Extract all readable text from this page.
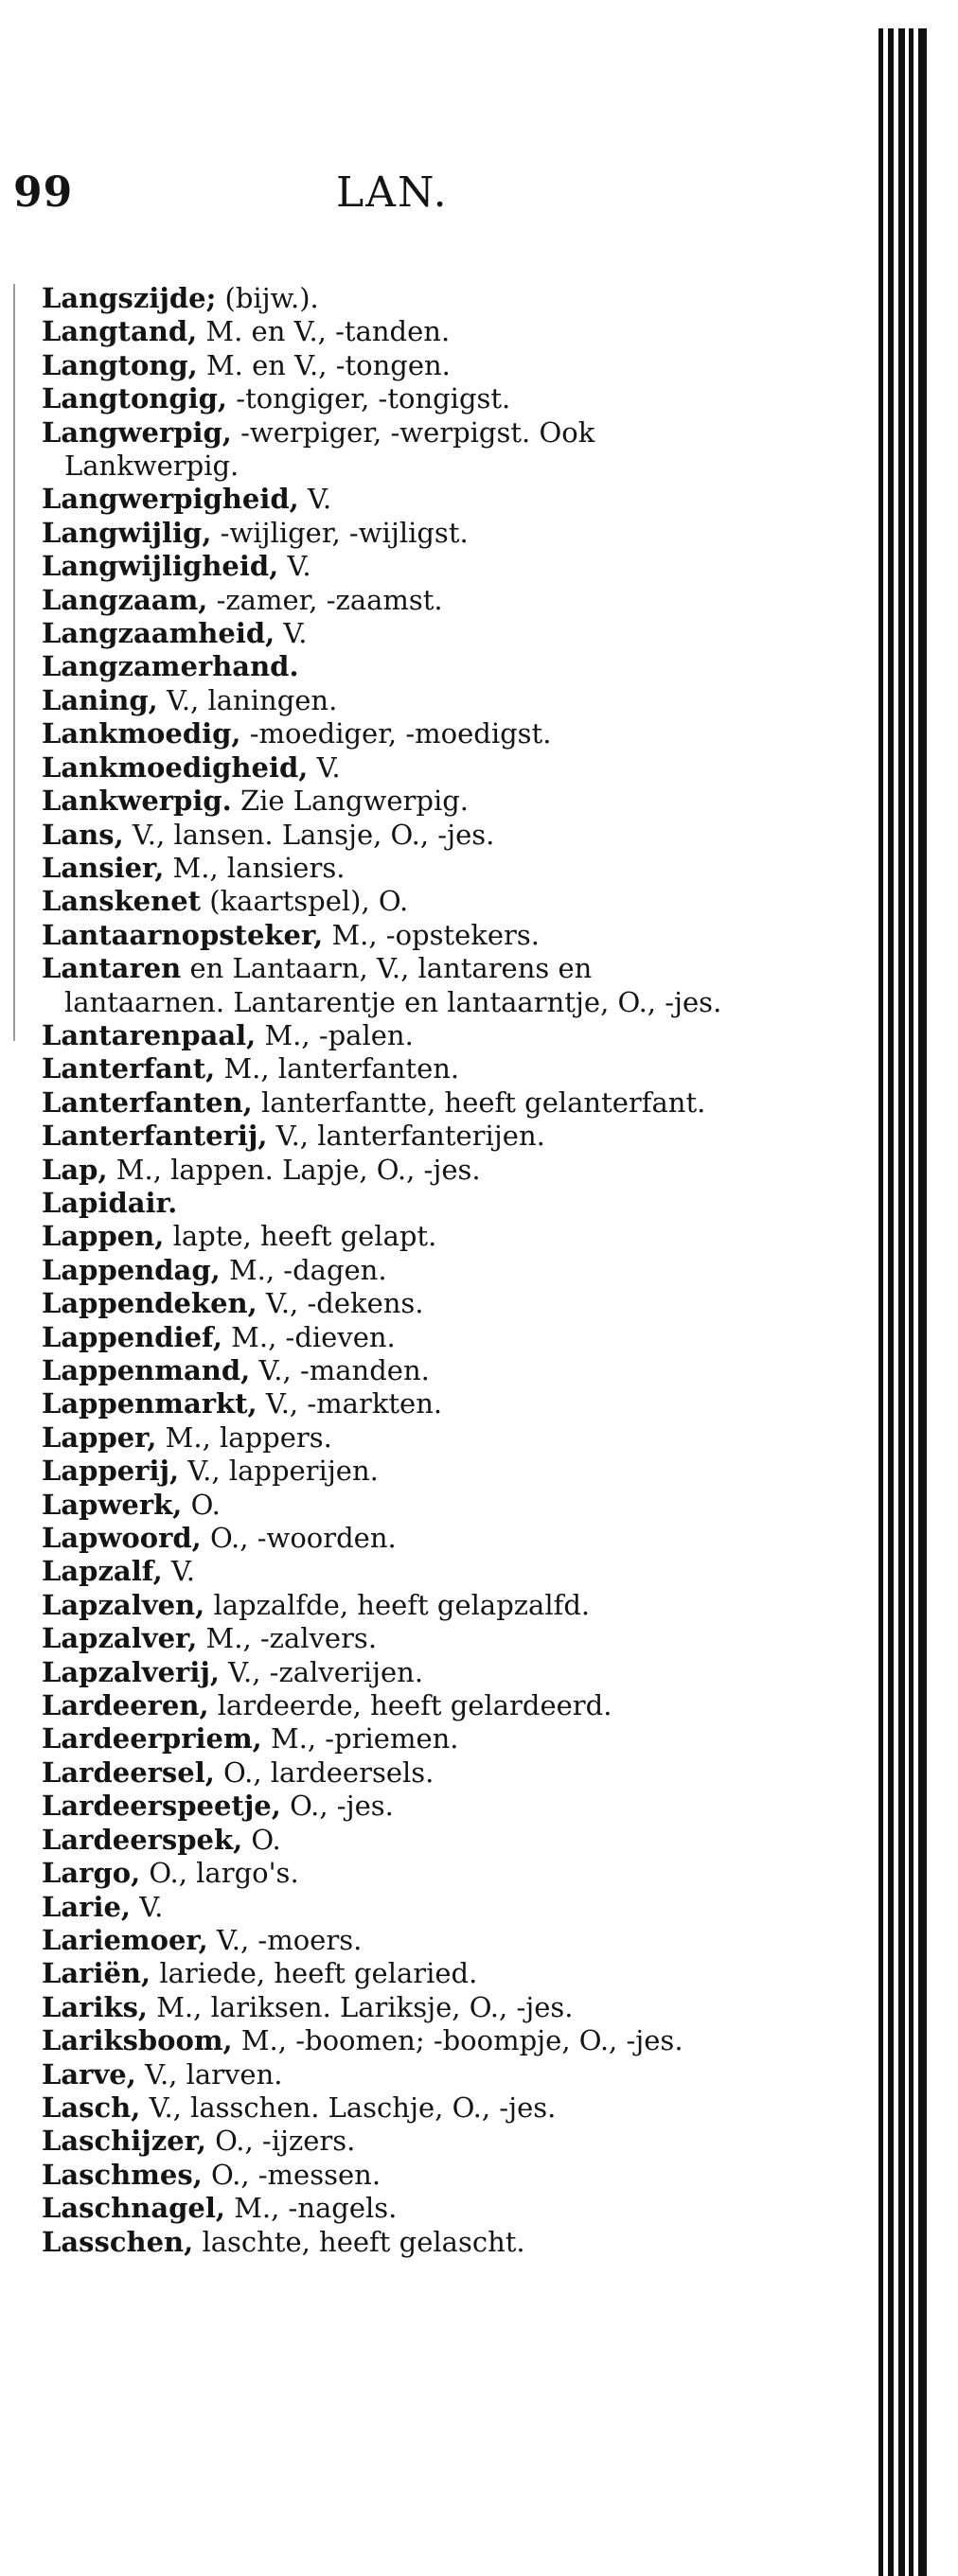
99	LAN.
Langszijde; (bijw.).
Langtand, M. en V., -tanden.
Langtong, M. en V., -tongen.
Langtongig, -tongiger, -tongigst.
Langwerpig, -werpiger, -werpigst. Ook Lankwerpig.
Langwerpigheid, V.
Langwijlig, -wijliger, -wijligst.
Langwijligheid, V.
Langzaam, -zamer, -zaamst.
Langzaamheid, V.
Langzamerhand.
Laning, V., laningen.
Lankmoedig, -moediger, -moedigst.
Lankmoedigheid, V.
Lankwerpig. Zie Langwerpig.
Lans, V., lansen. Lansje, O., -jes.
Lansier, M., lansiers.
Lanskenet (kaartspel), O.
Lantaarnopsteker, M., -opstekers.
Lantaren en Lantaarn, V., lantarens en lantaarnen. Lantarentje en lantaarntje, O., -jes.
Lantarenpaal, M., -palen.
Lanterfant, M., lanterfanten.
Lanterfanten, lanterfantte, heeft gelanterfant.
Lanterfanterij, V., lanterfanterijen.
Lap, M., lappen. Lapje, O., -jes.
Lapidair.
Lappen, lapte, heeft gelapt.
Lappendag, M., -dagen.
Lappendeken, V., -dekens.
Lappendief, M., -dieven.
Lappenmand, V., -manden.
Lappenmarkt, V., -markten.
Lapper, M., lappers.
Lapperij, V., lapperijen.
Lapwerk, O.
Lapwoord, O., -woorden.
Lapzalf, V.
Lapzalven, lapzalfde, heeft gelapzalfd.
Lapzalver, M., -zalvers.
Lapzalverij, V., -zalverijen.
Lardeeren, lardeerde, heeft gelardeerd.
Lardeerpriem, M., -priemen.
Lardeersel, O., lardeersels.
Lardeerspeetje, O., -jes.
Lardeerspek, O.
Largo, O., largo's.
Larie, V.
Lariemoer, V., -moers.
Lariën, lariede, heeft gelaried.
Lariks, M., lariksen. Lariksje, O., -jes.
Lariksboom, M., -boomen; -boompje, O., -jes.
Larve, V., larven.
Lasch, V., lasschen. Laschje, O., -jes.
Laschijzer, O., -ijzers.
Laschmes, O., -messen.
Laschnagel, M., -nagels.
Lasschen, laschte, heeft gelascht.
